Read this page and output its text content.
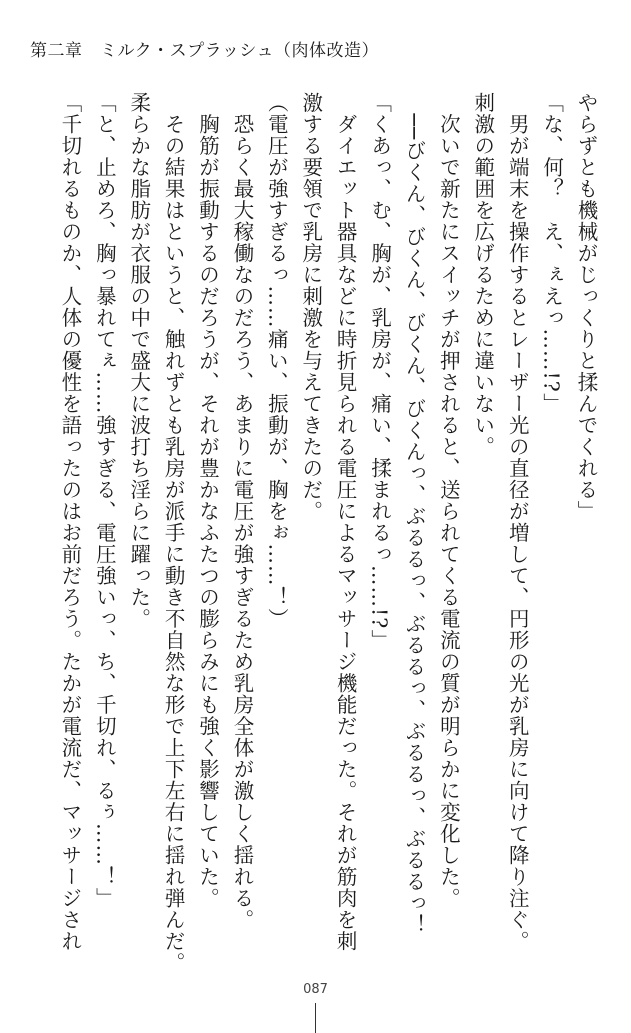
第二章　ミルク・スプラッシュ（肉体改造）

やらずとも機械がじっくりと揉んでくれる」

「な、何？　え、ぇえっ……!?」

　男が端末を操作するとレーザー光の直径が増して、円形の光が乳房に向けて降り注ぐ。

刺激の範囲を広げるために違いない。

　次いで新たにスイッチが押されると、送られてくる電流の質が明らかに変化した。

　──びくん、びくん、びくん、びくんっ、ぶるるっ、ぶるるっ、ぶるるっ、ぶるるっ！

「くあっ、む、胸が、乳房が、痛い、揉まれるっ……!?」

　ダイエット器具などに時折見られる電圧によるマッサージ機能だった。それが筋肉を刺

激する要領で乳房に刺激を与えてきたのだ。

（電圧が強すぎるっ……痛い、振動が、胸をぉ……！）

　恐らく最大稼働なのだろう、あまりに電圧が強すぎるため乳房全体が激しく揺れる。

　胸筋が振動するのだろうが、それが豊かなふたつの膨らみにも強く影響していた。

　その結果はというと、触れずとも乳房が派手に動き不自然な形で上下左右に揺れ弾んだ。

柔らかな脂肪が衣服の中で盛大に波打ち淫らに躍った。

「と、止めろ、胸っ暴れてぇ……強すぎる、電圧強いっ、ち、千切れ、るぅ……！」

「千切れるものか、人体の優性を語ったのはお前だろう。たかが電流だ、マッサージされ

087
